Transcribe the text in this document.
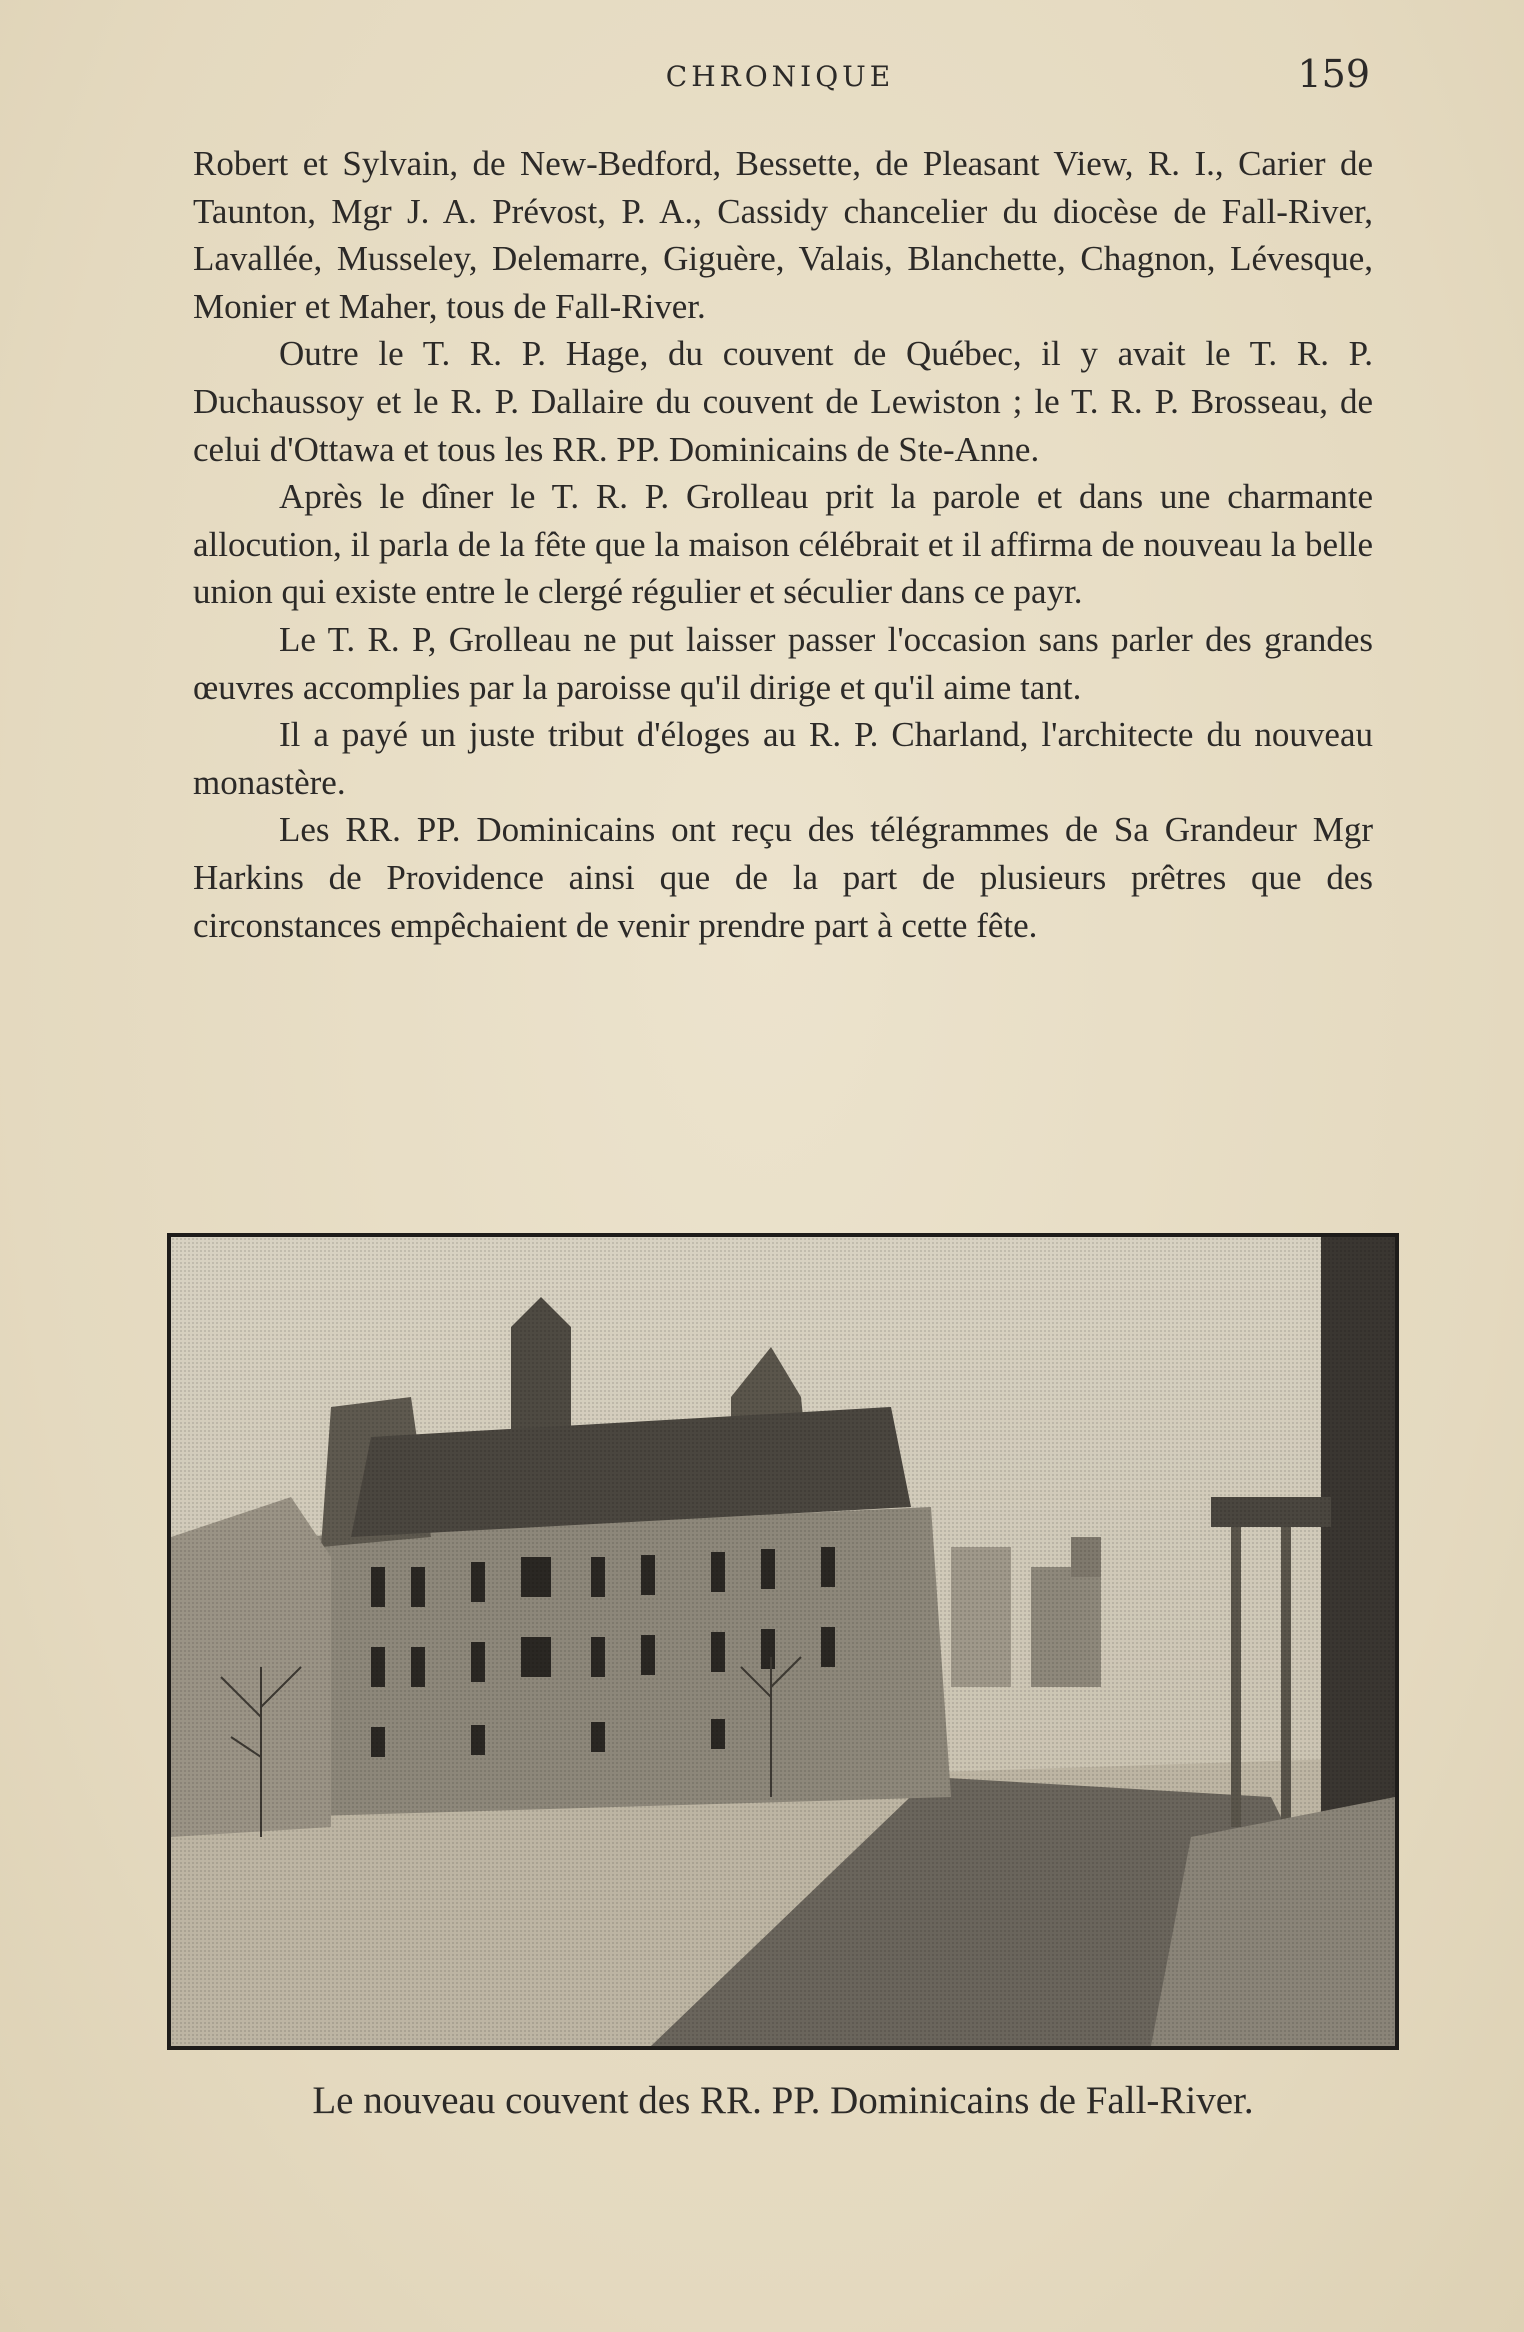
CHRONIQUE	159

Robert et Sylvain, de New-Bedford, Bessette, de Pleasant View, R. I., Carier de Taunton, Mgr J. A. Prévost, P. A., Cassidy chancelier du diocèse de Fall-River, Lavallée, Musseley, Delemarre, Giguère, Valais, Blanchette, Chagnon, Lévesque, Monier et Maher, tous de Fall-River.

Outre le T. R. P. Hage, du couvent de Québec, il y avait le T. R. P. Duchaussoy et le R. P. Dallaire du couvent de Lewiston ; le T. R. P. Brosseau, de celui d'Ottawa et tous les RR. PP. Dominicains de Ste-Anne.

Après le dîner le T. R. P. Grolleau prit la parole et dans une charmante allocution, il parla de la fête que la maison célébrait et il affirma de nouveau la belle union qui existe entre le clergé régulier et séculier dans ce payr.

Le T. R. P, Grolleau ne put laisser passer l'occasion sans parler des grandes œuvres accomplies par la paroisse qu'il dirige et qu'il aime tant.

Il a payé un juste tribut d'éloges au R. P. Charland, l'architecte du nouveau monastère.

Les RR. PP. Dominicains ont reçu des télégrammes de Sa Grandeur Mgr Harkins de Providence ainsi que de la part de plusieurs prêtres que des circonstances empêchaient de venir prendre part à cette fête.

Le nouveau couvent des RR. PP. Dominicains de Fall-River.
